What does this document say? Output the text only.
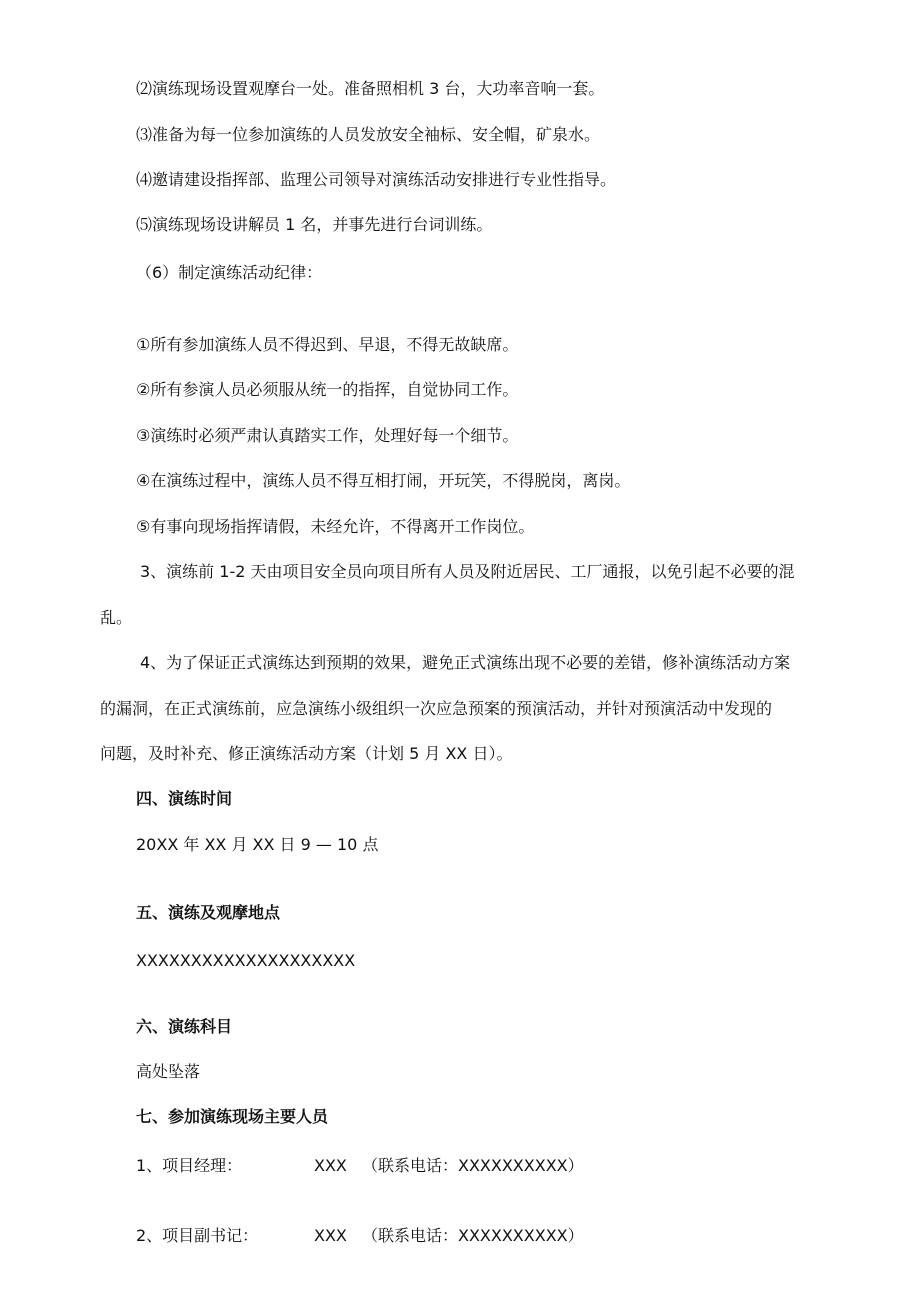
⑵演练现场设置观摩台一处。准备照相机 3 台，大功率音响一套。
⑶准备为每一位参加演练的人员发放安全袖标、安全帽，矿泉水。
⑷邀请建设指挥部、监理公司领导对演练活动安排进行专业性指导。
⑸演练现场设讲解员 1 名，并事先进行台词训练。
（6）制定演练活动纪律：
①所有参加演练人员不得迟到、早退，不得无故缺席。
②所有参演人员必须服从统一的指挥，自觉协同工作。
③演练时必须严肃认真踏实工作，处理好每一个细节。
④在演练过程中，演练人员不得互相打闹，开玩笑，不得脱岗，离岗。
⑤有事向现场指挥请假，未经允许，不得离开工作岗位。
3、演练前 1-2 天由项目安全员向项目所有人员及附近居民、工厂通报，以免引起不必要的混
乱。
4、为了保证正式演练达到预期的效果，避免正式演练出现不必要的差错，修补演练活动方案
的漏洞，在正式演练前，应急演练小级组织一次应急预案的预演活动，并针对预演活动中发现的
问题，及时补充、修正演练活动方案（计划 5 月 XX 日）。
四、演练时间
20XX 年 XX 月 XX 日 9 — 10 点
五、演练及观摩地点
XXXXXXXXXXXXXXXXXXXX
六、演练科目
高处坠落
七、参加演练现场主要人员
1、项目经理：	XXX （联系电话：XXXXXXXXXX）
2、项目副书记：	XXX （联系电话：XXXXXXXXXX）
